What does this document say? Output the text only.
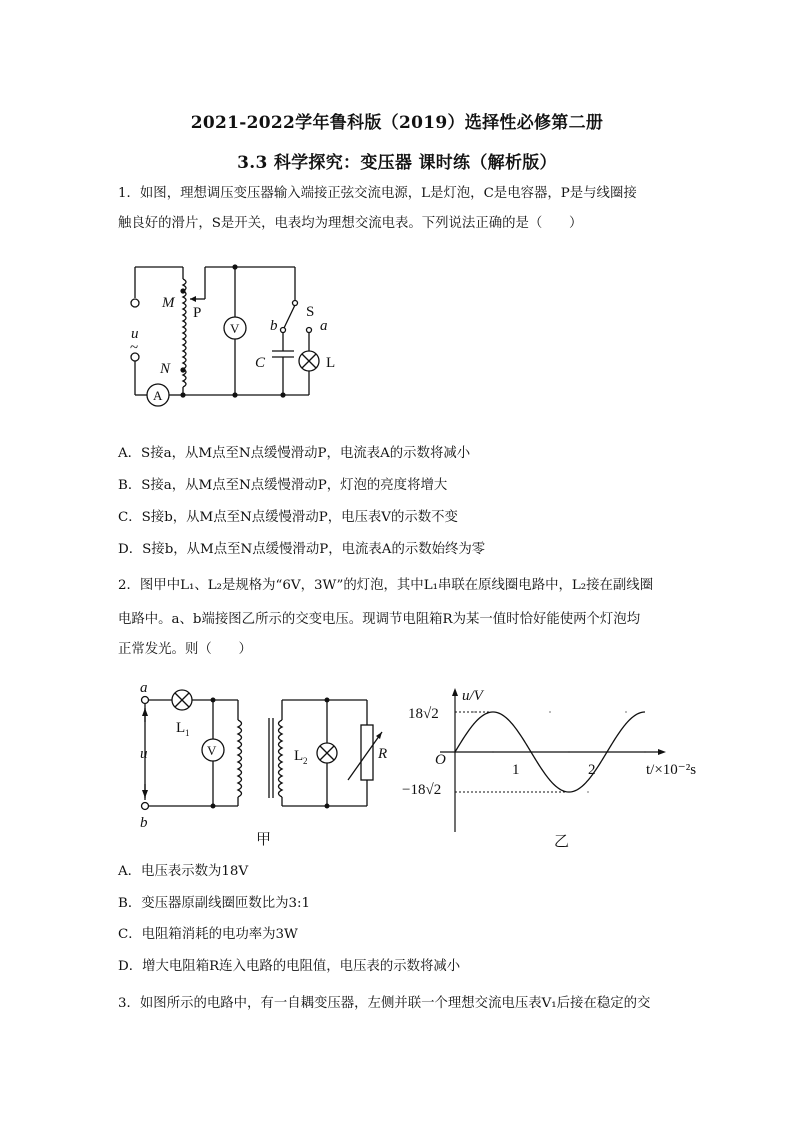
2021-2022学年鲁科版（2019）选择性必修第二册
3.3 科学探究：变压器 课时练（解析版）
1．如图，理想调压变压器输入端接正弦交流电源，L是灯泡，C是电容器，P是与线圈接
触良好的滑片，S是开关，电表均为理想交流电表。下列说法正确的是（　　）
M
P
N
u
~
V
A
S
a
b
C	L
A．S接a，从M点至N点缓慢滑动P，电流表A的示数将减小
B．S接a，从M点至N点缓慢滑动P，灯泡的亮度将增大
C．S接b，从M点至N点缓慢滑动P，电压表V的示数不变
D．S接b，从M点至N点缓慢滑动P，电流表A的示数始终为零
2．图甲中L₁、L₂是规格为“6V，3W”的灯泡，其中L₁串联在原线圈电路中，L₂接在副线圈
电路中。a、b端接图乙所示的交变电压。现调节电阻箱R为某一值时恰好能使两个灯泡均
正常发光。则（　　）
a
b
u
L 1
V	L 2	R
甲
u/V
O
18√2
−18√2
1	2	t/×10⁻²s
乙
A．电压表示数为18V
B．变压器原副线圈匝数比为3:1
C．电阻箱消耗的电功率为3W
D．增大电阻箱R连入电路的电阻值，电压表的示数将减小
3．如图所示的电路中，有一自耦变压器，左侧并联一个理想交流电压表V₁后接在稳定的交
